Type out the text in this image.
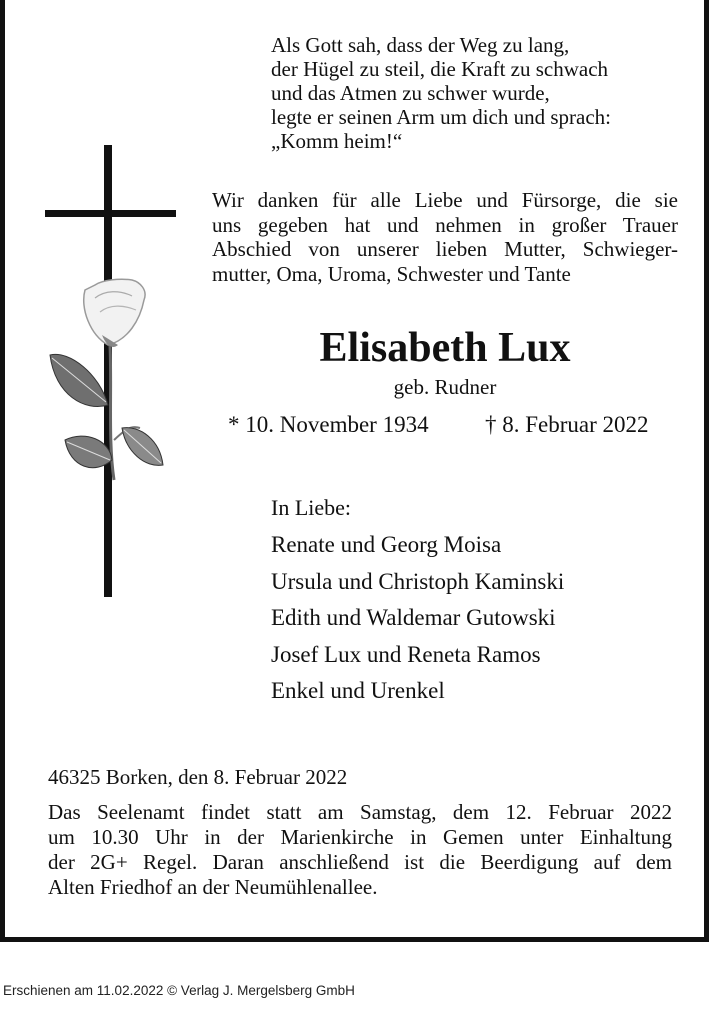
Als Gott sah, dass der Weg zu lang,
der Hügel zu steil, die Kraft zu schwach
und das Atmen zu schwer wurde,
legte er seinen Arm um dich und sprach:
„Komm heim!“
Wir danken für alle Liebe und Fürsorge, die sie
uns gegeben hat und nehmen in großer Trauer
Abschied von unserer lieben Mutter, Schwieger-
mutter, Oma, Uroma, Schwester und Tante
Elisabeth Lux
geb. Rudner
* 10. November 1934 † 8. Februar 2022
In Liebe:
Renate und Georg Moisa
Ursula und Christoph Kaminski
Edith und Waldemar Gutowski
Josef Lux und Reneta Ramos
Enkel und Urenkel
46325 Borken, den 8. Februar 2022
Das Seelenamt findet statt am Samstag, dem 12. Februar 2022
um 10.30 Uhr in der Marienkirche in Gemen unter Einhaltung
der 2G+ Regel. Daran anschließend ist die Beerdigung auf dem
Alten Friedhof an der Neumühlenallee.
Erschienen am 11.02.2022 © Verlag J. Mergelsberg GmbH
